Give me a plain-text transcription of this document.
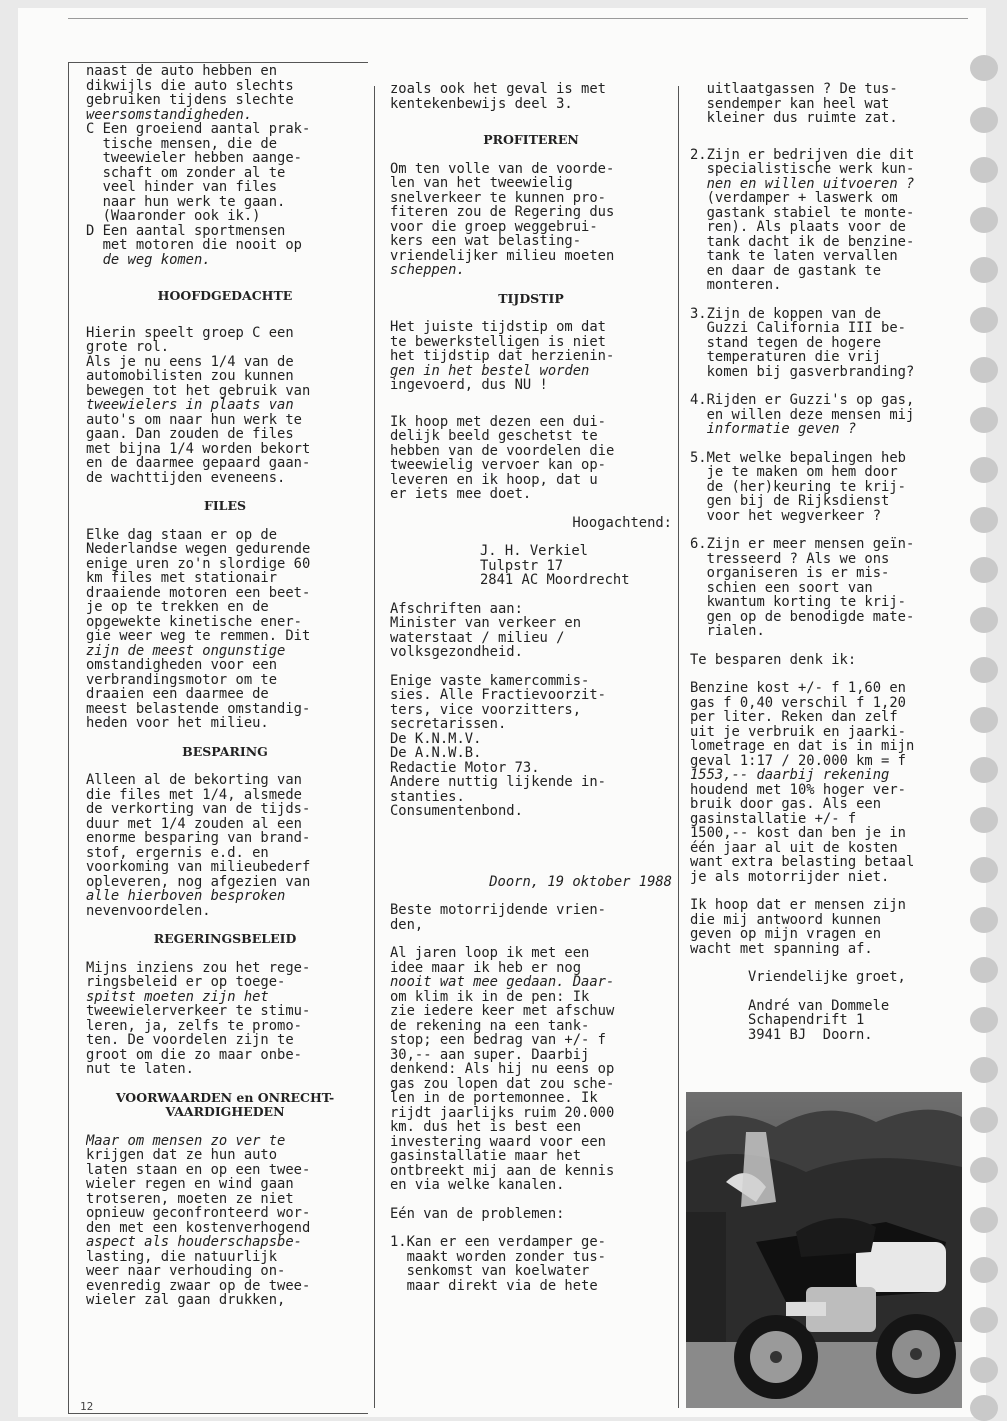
naast de auto hebben en
dikwijls die auto slechts
gebruiken tijdens slechte
weersomstandigheden.
C Een groeiend aantal prak-
tische mensen, die de
tweewieler hebben aange-
schaft om zonder al te
veel hinder van files
naar hun werk te gaan.
(Waaronder ook ik.)
D Een aantal sportmensen
met motoren die nooit op
de weg komen.
HOOFDGEDACHTE
Hierin speelt groep C een
grote rol.
Als je nu eens 1/4 van de
automobilisten zou kunnen
bewegen tot het gebruik van
tweewielers in plaats van
auto's om naar hun werk te
gaan. Dan zouden de files
met bijna 1/4 worden bekort
en de daarmee gepaard gaan-
de wachttijden eveneens.
FILES
Elke dag staan er op de
Nederlandse wegen gedurende
enige uren zo'n slordige 60
km files met stationair
draaiende motoren een beet-
je op te trekken en de
opgewekte kinetische ener-
gie weer weg te remmen. Dit
zijn de meest ongunstige
omstandigheden voor een
verbrandingsmotor om te
draaien een daarmee de
meest belastende omstandig-
heden voor het milieu.
BESPARING
Alleen al de bekorting van
die files met 1/4, alsmede
de verkorting van de tijds-
duur met 1/4 zouden al een
enorme besparing van brand-
stof, ergernis e.d. en
voorkoming van milieubederf
opleveren, nog afgezien van
alle hierboven besproken
nevenvoordelen.
REGERINGSBELEID
Mijns inziens zou het rege-
ringsbeleid er op toege-
spitst moeten zijn het
tweewielerverkeer te stimu-
leren, ja, zelfs te promo-
ten. De voordelen zijn te
groot om die zo maar onbe-
nut te laten.
VOORWAARDEN en ONRECHT-
VAARDIGHEDEN
Maar om mensen zo ver te
krijgen dat ze hun auto
laten staan en op een twee-
wieler regen en wind gaan
trotseren, moeten ze niet
opnieuw geconfronteerd wor-
den met een kostenverhogend
aspect als houderschapsbe-
lasting, die natuurlijk
weer naar verhouding on-
evenredig zwaar op de twee-
wieler zal gaan drukken,
zoals ook het geval is met
kentekenbewijs deel 3.
PROFITEREN
Om ten volle van de voorde-
len van het tweewielig
snelverkeer te kunnen pro-
fiteren zou de Regering dus
voor die groep weggebrui-
kers een wat belasting-
vriendelijker milieu moeten
scheppen.
TIJDSTIP
Het juiste tijdstip om dat
te bewerkstelligen is niet
het tijdstip dat herzienin-
gen in het bestel worden
ingevoerd, dus NU !
Ik hoop met dezen een dui-
delijk beeld geschetst te
hebben van de voordelen die
tweewielig vervoer kan op-
leveren en ik hoop, dat u
er iets mee doet.
Hoogachtend:
J. H. Verkiel
Tulpstr 17
2841 AC Moordrecht
Afschriften aan:
Minister van verkeer en
waterstaat / milieu /
volksgezondheid.
Enige vaste kamercommis-
sies. Alle Fractievoorzit-
ters, vice voorzitters,
secretarissen.
De K.N.M.V.
De A.N.W.B.
Redactie Motor 73.
Andere nuttig lijkende in-
stanties.
Consumentenbond.
Doorn, 19 oktober 1988
Beste motorrijdende vrien-
den,
Al jaren loop ik met een
idee maar ik heb er nog
nooit wat mee gedaan. Daar-
om klim ik in de pen: Ik
zie iedere keer met afschuw
de rekening na een tank-
stop; een bedrag van +/- f
30,-- aan super. Daarbij
denkend: Als hij nu eens op
gas zou lopen dat zou sche-
len in de portemonnee. Ik
rijdt jaarlijks ruim 20.000
km. dus het is best een
investering waard voor een
gasinstallatie maar het
ontbreekt mij aan de kennis
en via welke kanalen.
Eén van de problemen:
1.Kan er een verdamper ge-
maakt worden zonder tus-
senkomst van koelwater
maar direkt via de hete
uitlaatgassen ? De tus-
sendemper kan heel wat
kleiner dus ruimte zat.
2.Zijn er bedrijven die dit
specialistische werk kun-
nen en willen uitvoeren ?
(verdamper + laswerk om
gastank stabiel te monte-
ren). Als plaats voor de
tank dacht ik de benzine-
tank te laten vervallen
en daar de gastank te
monteren.
3.Zijn de koppen van de
Guzzi California III be-
stand tegen de hogere
temperaturen die vrij
komen bij gasverbranding?
4.Rijden er Guzzi's op gas,
en willen deze mensen mij
informatie geven ?
5.Met welke bepalingen heb
je te maken om hem door
de (her)keuring te krij-
gen bij de Rijksdienst
voor het wegverkeer ?
6.Zijn er meer mensen geïn-
tresseerd ? Als we ons
organiseren is er mis-
schien een soort van
kwantum korting te krij-
gen op de benodigde mate-
rialen.
Te besparen denk ik:
Benzine kost +/- f 1,60 en
gas f 0,40 verschil f 1,20
per liter. Reken dan zelf
uit je verbruik en jaarki-
lometrage en dat is in mijn
geval 1:17 / 20.000 km = f
1553,-- daarbij rekening
houdend met 10% hoger ver-
bruik door gas. Als een
gasinstallatie +/- f
1500,-- kost dan ben je in
één jaar al uit de kosten
want extra belasting betaal
je als motorrijder niet.
Ik hoop dat er mensen zijn
die mij antwoord kunnen
geven op mijn vragen en
wacht met spanning af.
Vriendelijke groet,
André van Dommele
Schapendrift 1
3941 BJ  Doorn.
12
